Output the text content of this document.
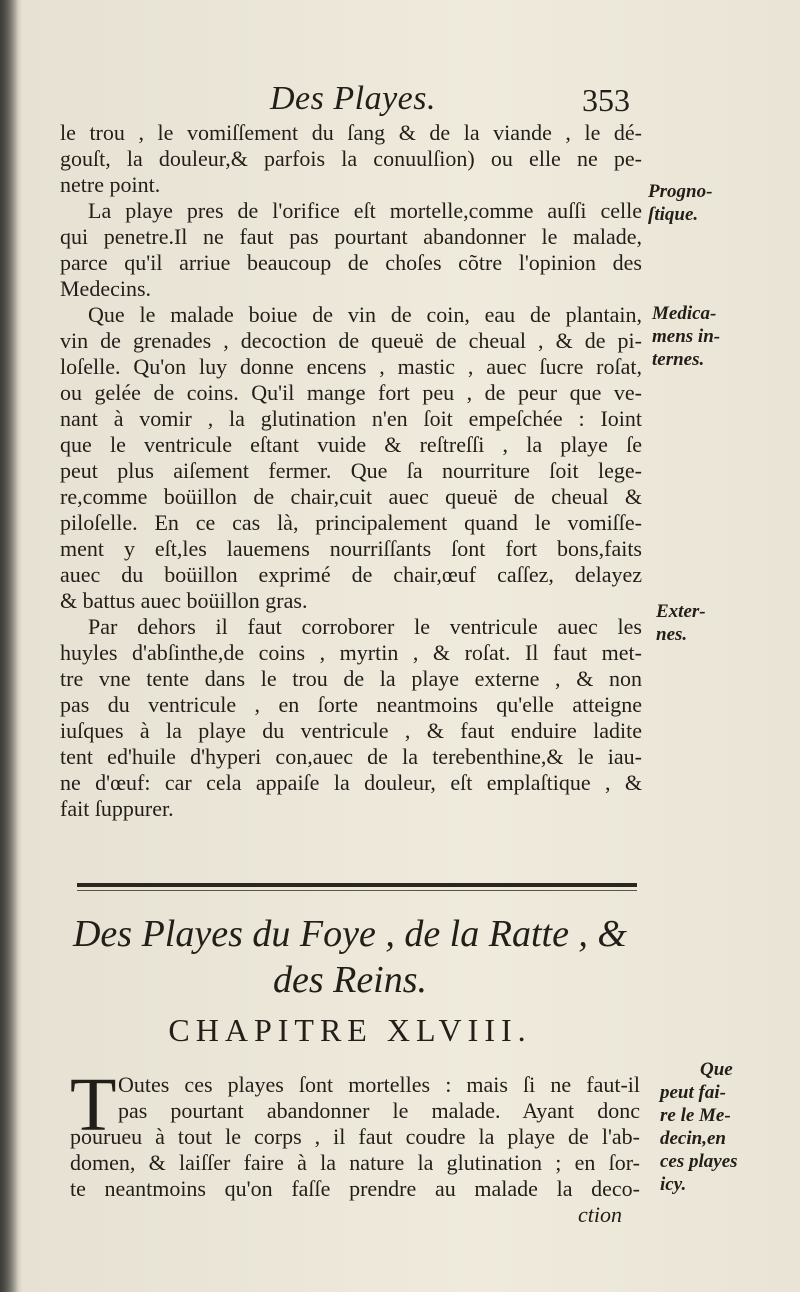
Des Playes.	353
le trou , le vomiſſement du ſang & de la viande , le dé-
gouſt, la douleur,& parfois la conuulſion) ou elle ne pe-
netre point.
La playe pres de l'orifice eſt mortelle,comme auſſi celle
qui penetre.Il ne faut pas pourtant abandonner le malade,
parce qu'il arriue beaucoup de choſes cõtre l'opinion des
Medecins.
Que le malade boiue de vin de coin, eau de plantain,
vin de grenades , decoction de queuë de cheual , & de pi-
loſelle. Qu'on luy donne encens , mastic , auec ſucre roſat,
ou gelée de coins. Qu'il mange fort peu , de peur que ve-
nant à vomir , la glutination n'en ſoit empeſchée : Ioint
que le ventricule eſtant vuide & reſtreſſi , la playe ſe
peut plus aiſement fermer. Que ſa nourriture ſoit lege-
re,comme boüillon de chair,cuit auec queuë de cheual &
piloſelle. En ce cas là, principalement quand le vomiſſe-
ment y eſt,les lauemens nourriſſants ſont fort bons,faits
auec du boüillon exprimé de chair,œuf caſſez, delayez
& battus auec boüillon gras.
Par dehors il faut corroborer le ventricule auec les
huyles d'abſinthe,de coins , myrtin , & roſat. Il faut met-
tre vne tente dans le trou de la playe externe , & non
pas du ventricule , en ſorte neantmoins qu'elle atteigne
iuſques à la playe du ventricule , & faut enduire ladite
tent ed'huile d'hyperi con,auec de la terebenthine,& le iau-
ne d'œuf: car cela appaiſe la douleur, eſt emplaſtique , &
fait ſuppurer.
Progno-
ſtique.
Medica-
mens in-
ternes.
Exter-
nes.
Que
peut fai-
re le Me-
decin,en
ces playes
icy.
Des Playes du Foye , de la Ratte , &
des Reins.
CHAPITRE XLVIII.
T Outes ces playes ſont mortelles : mais ſi ne faut-il
pas pourtant abandonner le malade. Ayant donc
pourueu à tout le corps , il faut coudre la playe de l'ab-
domen, & laiſſer faire à la nature la glutination ; en ſor-
te neantmoins qu'on faſſe prendre au malade la deco-
ction
